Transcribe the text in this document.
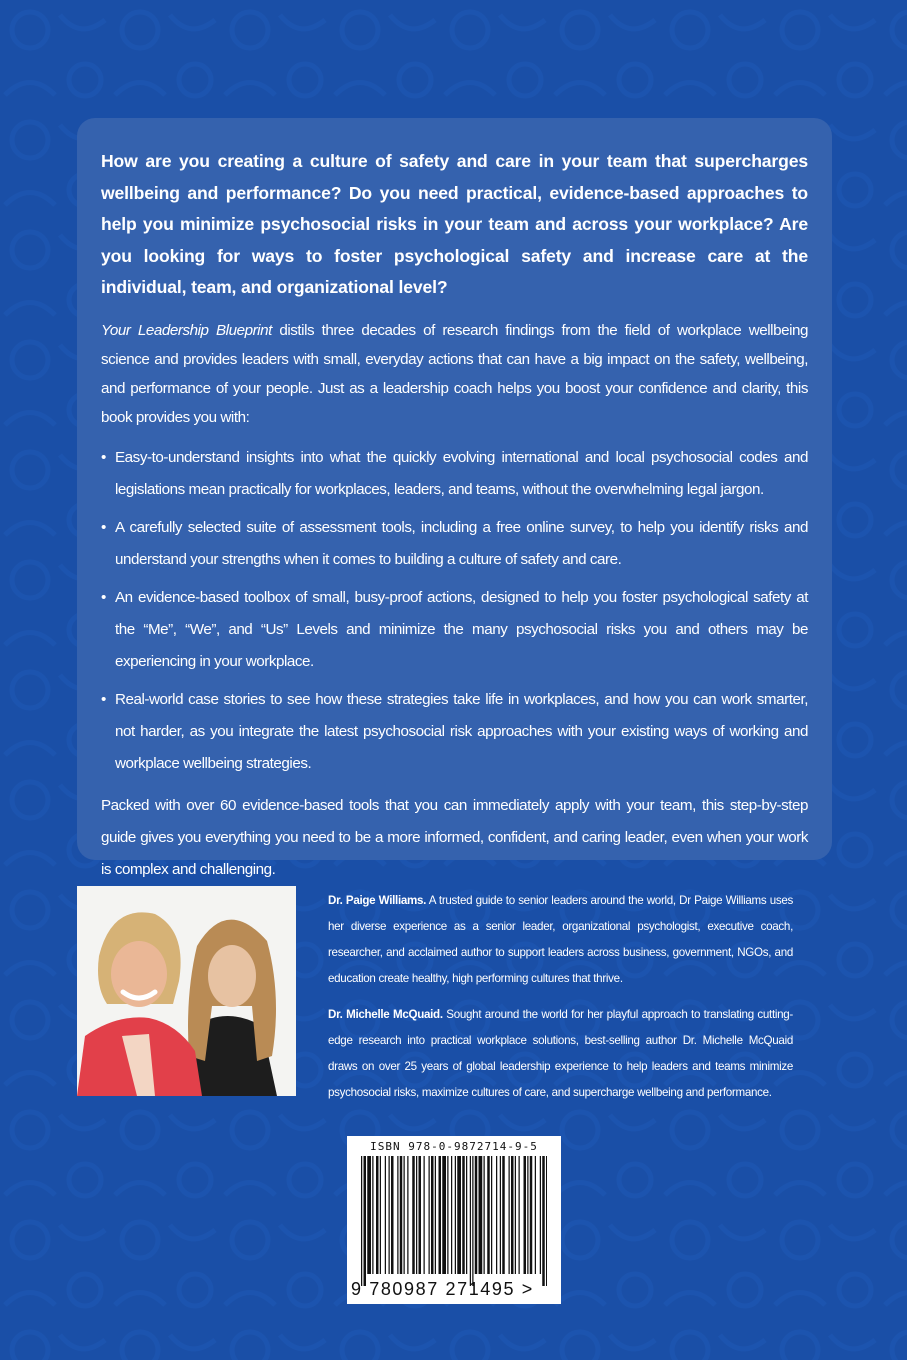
How are you creating a culture of safety and care in your team that supercharges wellbeing and performance? Do you need practical, evidence-based approaches to help you minimize psychosocial risks in your team and across your workplace? Are you looking for ways to foster psychological safety and increase care at the individual, team, and organizational level?

Your Leadership Blueprint distils three decades of research findings from the field of workplace wellbeing science and provides leaders with small, everyday actions that can have a big impact on the safety, wellbeing, and performance of your people. Just as a leadership coach helps you boost your confidence and clarity, this book provides you with:

• Easy-to-understand insights into what the quickly evolving international and local psychosocial codes and legislations mean practically for workplaces, leaders, and teams, without the overwhelming legal jargon.
• A carefully selected suite of assessment tools, including a free online survey, to help you identify risks and understand your strengths when it comes to building a culture of safety and care.
• An evidence-based toolbox of small, busy-proof actions, designed to help you foster psychological safety at the “Me”, “We”, and “Us” Levels and minimize the many psychosocial risks you and others may be experiencing in your workplace.
• Real-world case stories to see how these strategies take life in workplaces, and how you can work smarter, not harder, as you integrate the latest psychosocial risk approaches with your existing ways of working and workplace wellbeing strategies.

Packed with over 60 evidence-based tools that you can immediately apply with your team, this step-by-step guide gives you everything you need to be a more informed, confident, and caring leader, even when your work is complex and challenging.

Dr. Paige Williams. A trusted guide to senior leaders around the world, Dr Paige Williams uses her diverse experience as a senior leader, organizational psychologist, executive coach, researcher, and acclaimed author to support leaders across business, government, NGOs, and education create healthy, high performing cultures that thrive.

Dr. Michelle McQuaid. Sought around the world for her playful approach to translating cutting-edge research into practical workplace solutions, best-selling author Dr. Michelle McQuaid draws on over 25 years of global leadership experience to help leaders and teams minimize psychosocial risks, maximize cultures of care, and supercharge wellbeing and performance.

ISBN 978-0-9872714-9-5
9 780987 271495 >
